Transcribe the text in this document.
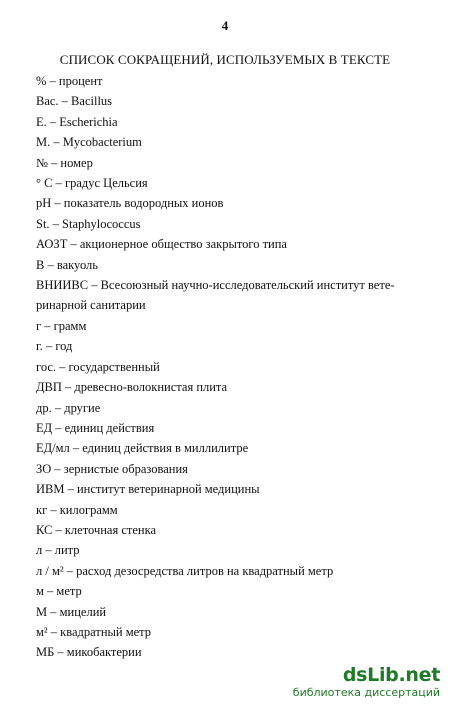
4
СПИСОК СОКРАЩЕНИЙ, ИСПОЛЬЗУЕМЫХ В ТЕКСТЕ
% – процент
Bac. – Bacillus
E. – Escherichia
M. – Mycobacterium
№ – номер
° С – градус Цельсия
pH – показатель водородных ионов
St. – Staphylococcus
АОЗТ – акционерное общество закрытого типа
В – вакуоль
ВНИИВС – Всесоюзный научно-исследовательский институт вете-
ринарной санитарии
г – грамм
г. – год
гос. – государственный
ДВП – древесно-волокнистая плита
др. – другие
ЕД – единиц действия
ЕД/мл – единиц действия в миллилитре
ЗО – зернистые образования
ИВМ – институт ветеринарной медицины
кг – килограмм
КС – клеточная стенка
л – литр
л / м² – расход дезосредства литров на квадратный метр
м – метр
М – мицелий
м² – квадратный метр
МБ – микобактерии
dsLib.net
библиотека диссертаций
